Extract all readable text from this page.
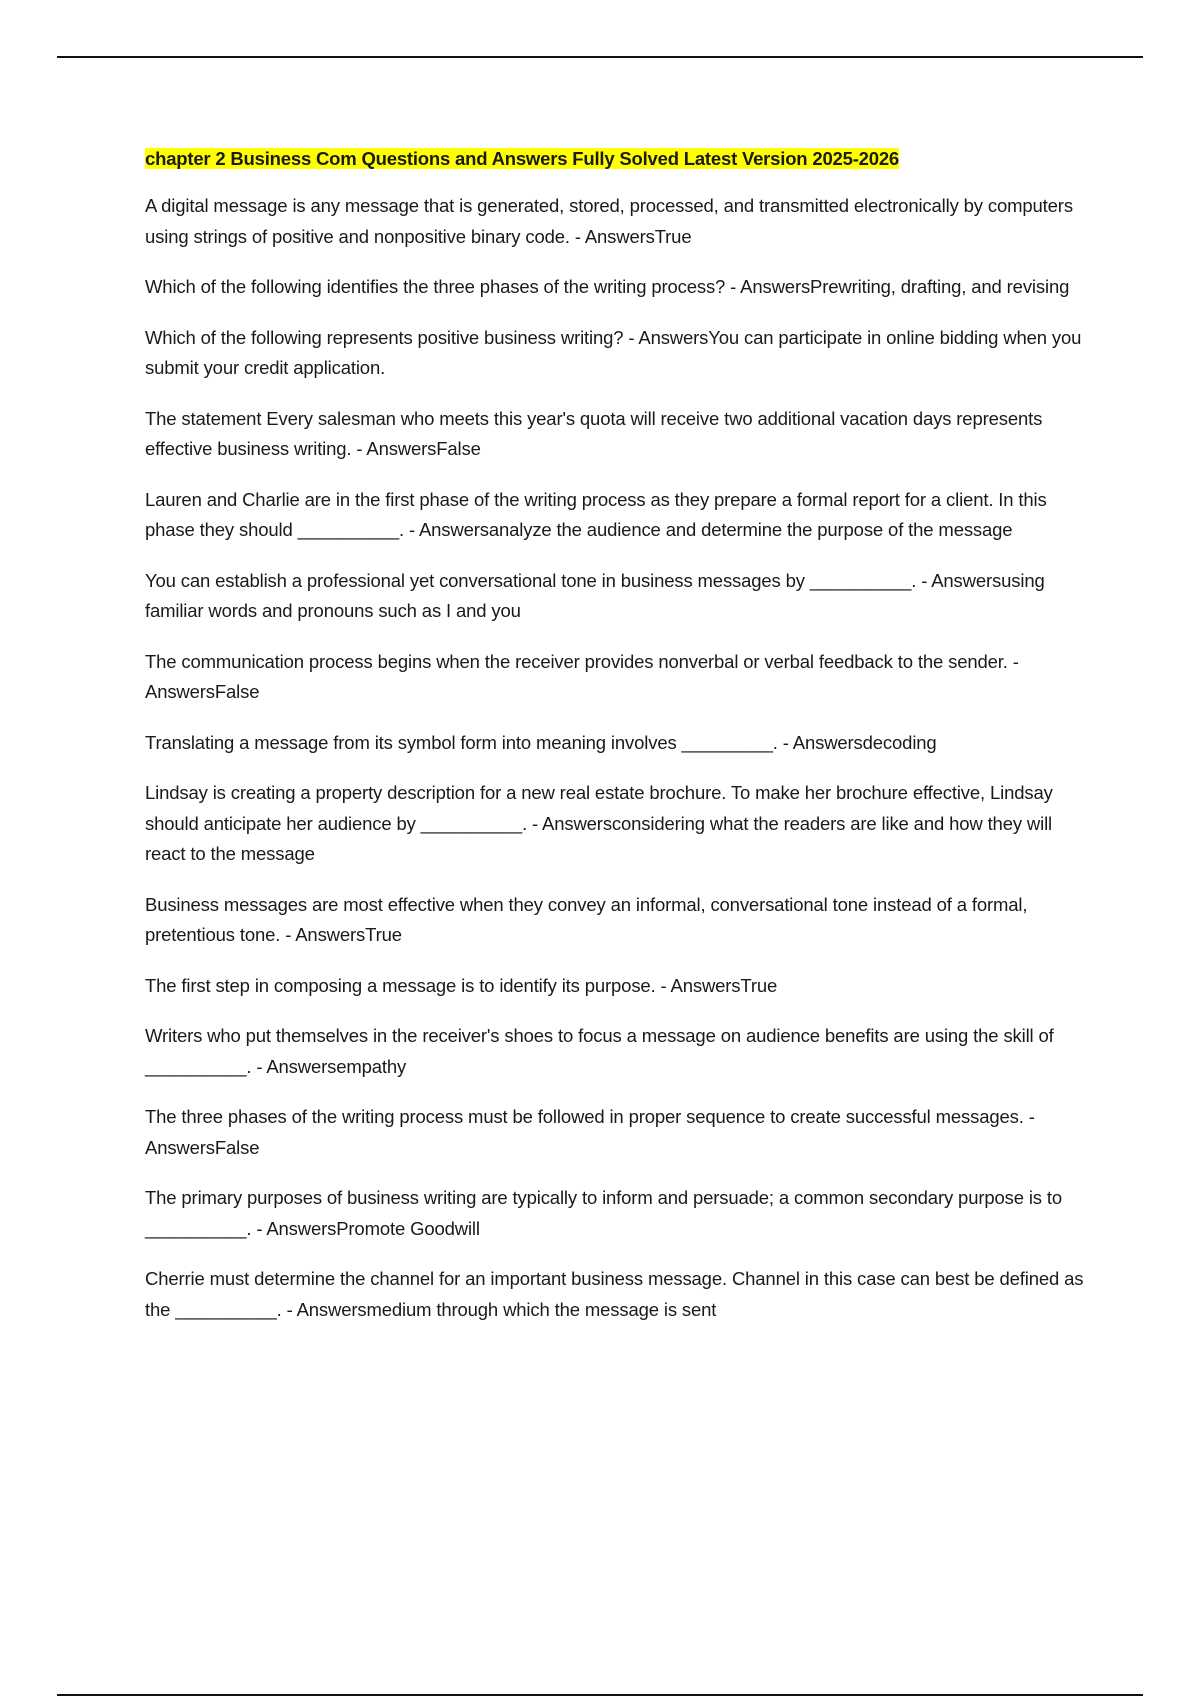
chapter 2 Business Com Questions and Answers Fully Solved Latest Version 2025-2026

A digital message is any message that is generated, stored, processed, and transmitted electronically by computers using strings of positive and nonpositive binary code. - AnswersTrue

Which of the following identifies the three phases of the writing process? - AnswersPrewriting, drafting, and revising

Which of the following represents positive business writing? - AnswersYou can participate in online bidding when you submit your credit application.

The statement Every salesman who meets this year's quota will receive two additional vacation days represents effective business writing. - AnswersFalse

Lauren and Charlie are in the first phase of the writing process as they prepare a formal report for a client. In this phase they should __________. - Answersanalyze the audience and determine the purpose of the message

You can establish a professional yet conversational tone in business messages by __________. - Answersusing familiar words and pronouns such as I and you

The communication process begins when the receiver provides nonverbal or verbal feedback to the sender. - AnswersFalse

Translating a message from its symbol form into meaning involves _________. - Answersdecoding

Lindsay is creating a property description for a new real estate brochure. To make her brochure effective, Lindsay should anticipate her audience by __________. - Answersconsidering what the readers are like and how they will react to the message

Business messages are most effective when they convey an informal, conversational tone instead of a formal, pretentious tone. - AnswersTrue

The first step in composing a message is to identify its purpose. - AnswersTrue

Writers who put themselves in the receiver's shoes to focus a message on audience benefits are using the skill of __________. - Answersempathy

The three phases of the writing process must be followed in proper sequence to create successful messages. - AnswersFalse

The primary purposes of business writing are typically to inform and persuade; a common secondary purpose is to __________. - AnswersPromote Goodwill

Cherrie must determine the channel for an important business message. Channel in this case can best be defined as the __________. - Answersmedium through which the message is sent
